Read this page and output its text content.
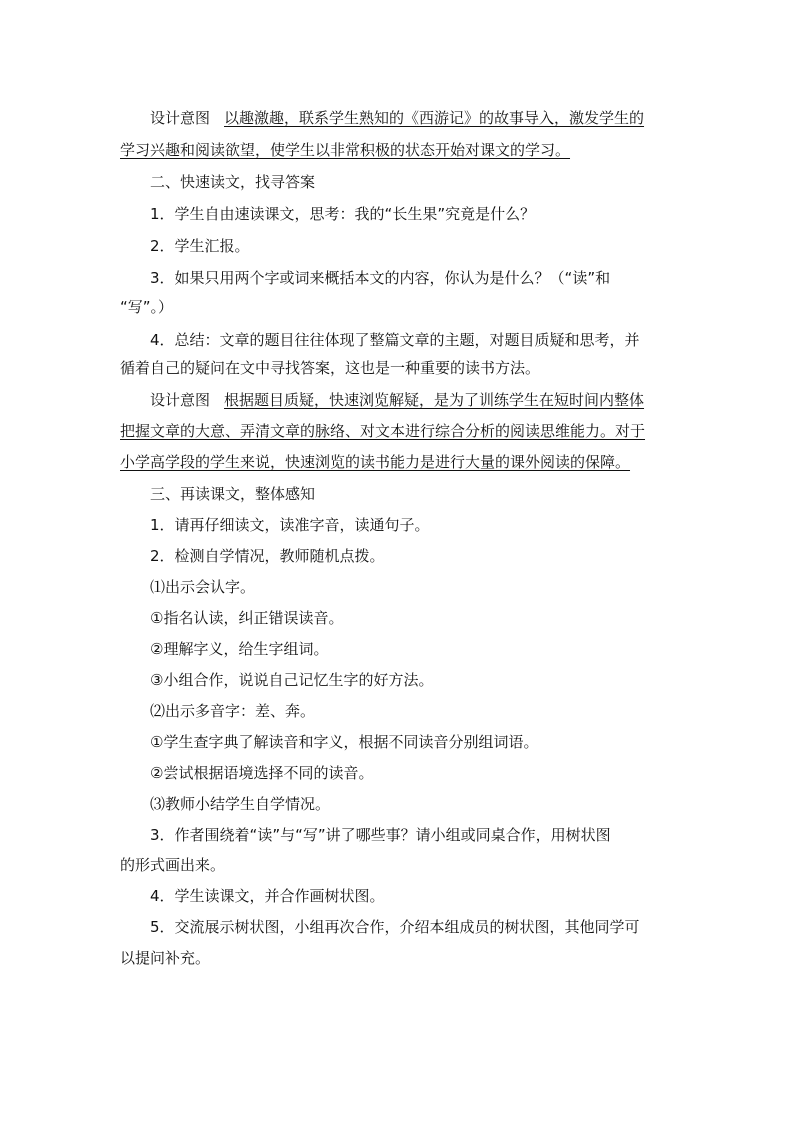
设计意图 以趣激趣，联系学生熟知的《西游记》的故事导入，激发学生的
学习兴趣和阅读欲望，使学生以非常积极的状态开始对课文的学习。
二、快速读文，找寻答案
1．学生自由速读课文，思考：我的“长生果”究竟是什么？
2．学生汇报。
3．如果只用两个字或词来概括本文的内容，你认为是什么？（“读”和
“写”。）
4．总结：文章的题目往往体现了整篇文章的主题，对题目质疑和思考，并
循着自己的疑问在文中寻找答案，这也是一种重要的读书方法。
设计意图 根据题目质疑，快速浏览解疑，是为了训练学生在短时间内整体
把握文章的大意、弄清文章的脉络、对文本进行综合分析的阅读思维能力。对于
小学高学段的学生来说，快速浏览的读书能力是进行大量的课外阅读的保障。
三、再读课文，整体感知
1．请再仔细读文，读准字音，读通句子。
2．检测自学情况，教师随机点拨。
⑴出示会认字。
①指名认读，纠正错误读音。
②理解字义，给生字组词。
③小组合作，说说自己记忆生字的好方法。
⑵出示多音字：差、奔。
①学生查字典了解读音和字义，根据不同读音分别组词语。
②尝试根据语境选择不同的读音。
⑶教师小结学生自学情况。
3．作者围绕着“读”与“写”讲了哪些事？请小组或同桌合作，用树状图
的形式画出来。
4．学生读课文，并合作画树状图。
5．交流展示树状图，小组再次合作，介绍本组成员的树状图，其他同学可
以提问补充。
